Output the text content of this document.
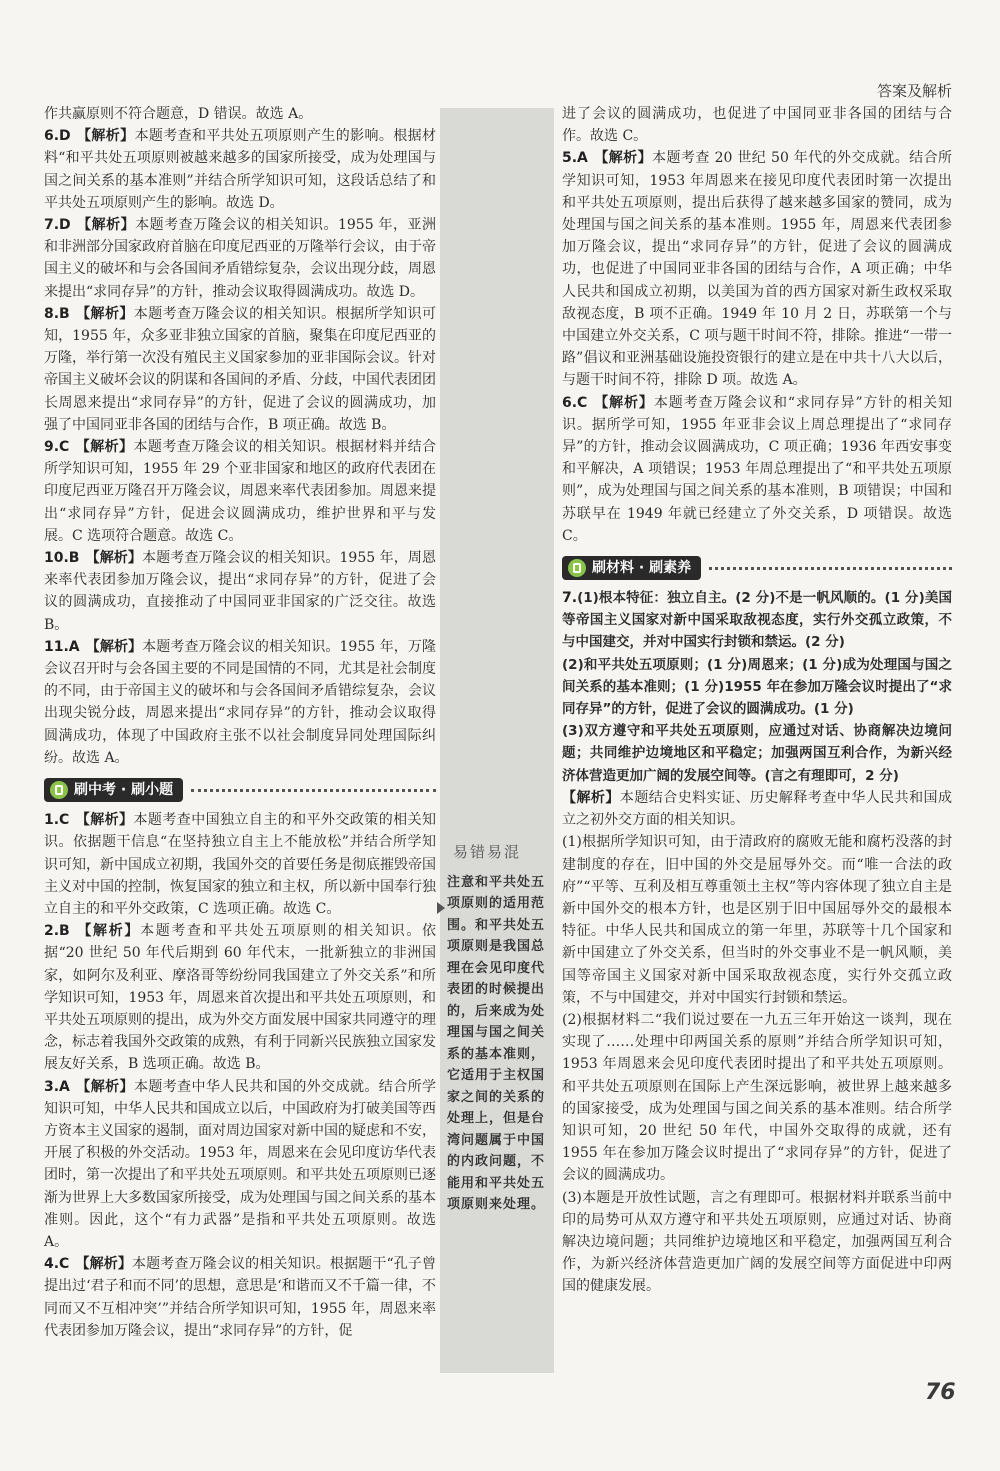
答案及解析
易错易混
注意和平共处五项原则的适用范围。和平共处五项原则是我国总理在会见印度代表团的时候提出的，后来成为处理国与国之间关系的基本准则，它适用于主权国家之间的关系的处理上，但是台湾问题属于中国的内政问题，不能用和平共处五项原则来处理。

作共赢原则不符合题意，D 错误。故选 A。

6.D 【解析】本题考查和平共处五项原则产生的影响。根据材料“和平共处五项原则被越来越多的国家所接受，成为处理国与国之间关系的基本准则”并结合所学知识可知，这段话总结了和平共处五项原则产生的影响。故选 D。

7.D 【解析】本题考查万隆会议的相关知识。1955 年，亚洲和非洲部分国家政府首脑在印度尼西亚的万隆举行会议，由于帝国主义的破坏和与会各国间矛盾错综复杂，会议出现分歧，周恩来提出“求同存异”的方针，推动会议取得圆满成功。故选 D。

8.B 【解析】本题考查万隆会议的相关知识。根据所学知识可知，1955 年，众多亚非独立国家的首脑，聚集在印度尼西亚的万隆，举行第一次没有殖民主义国家参加的亚非国际会议。针对帝国主义破坏会议的阴谋和各国间的矛盾、分歧，中国代表团团长周恩来提出“求同存异”的方针，促进了会议的圆满成功，加强了中国同亚非各国的团结与合作，B 项正确。故选 B。

9.C 【解析】本题考查万隆会议的相关知识。根据材料并结合所学知识可知，1955 年 29 个亚非国家和地区的政府代表团在印度尼西亚万隆召开万隆会议，周恩来率代表团参加。周恩来提出“求同存异”方针，促进会议圆满成功，维护世界和平与发展。C 选项符合题意。故选 C。

10.B 【解析】本题考查万隆会议的相关知识。1955 年，周恩来率代表团参加万隆会议，提出“求同存异”的方针，促进了会议的圆满成功，直接推动了中国同亚非国家的广泛交往。故选 B。

11.A 【解析】本题考查万隆会议的相关知识。1955 年，万隆会议召开时与会各国主要的不同是国情的不同，尤其是社会制度的不同，由于帝国主义的破坏和与会各国间矛盾错综复杂，会议出现尖锐分歧，周恩来提出“求同存异”的方针，推动会议取得圆满成功，体现了中国政府主张不以社会制度异同处理国际纠纷。故选 A。

刷中考 · 刷小题

1.C 【解析】本题考查中国独立自主的和平外交政策的相关知识。依据题干信息“在坚持独立自主上不能放松”并结合所学知识可知，新中国成立初期，我国外交的首要任务是彻底摧毁帝国主义对中国的控制，恢复国家的独立和主权，所以新中国奉行独立自主的和平外交政策，C 选项正确。故选 C。

2.B 【解析】本题考查和平共处五项原则的相关知识。依据“20 世纪 50 年代后期到 60 年代末，一批新独立的非洲国家，如阿尔及利亚、摩洛哥等纷纷同我国建立了外交关系”和所学知识可知，1953 年，周恩来首次提出和平共处五项原则，和平共处五项原则的提出，成为外交方面发展中国家共同遵守的理念，标志着我国外交政策的成熟，有利于同新兴民族独立国家发展友好关系，B 选项正确。故选 B。

3.A 【解析】本题考查中华人民共和国的外交成就。结合所学知识可知，中华人民共和国成立以后，中国政府为打破美国等西方资本主义国家的遏制，面对周边国家对新中国的疑虑和不安，开展了积极的外交活动。1953 年，周恩来在会见印度访华代表团时，第一次提出了和平共处五项原则。和平共处五项原则已逐渐为世界上大多数国家所接受，成为处理国与国之间关系的基本准则。因此，这个“有力武器”是指和平共处五项原则。故选 A。

4.C 【解析】本题考查万隆会议的相关知识。根据题干“孔子曾提出过‘君子和而不同’的思想，意思是‘和谐而又不千篇一律，不同而又不互相冲突’”并结合所学知识可知，1955 年，周恩来率代表团参加万隆会议，提出“求同存异”的方针，促

进了会议的圆满成功，也促进了中国同亚非各国的团结与合作。故选 C。

5.A 【解析】本题考查 20 世纪 50 年代的外交成就。结合所学知识可知，1953 年周恩来在接见印度代表团时第一次提出和平共处五项原则，提出后获得了越来越多国家的赞同，成为处理国与国之间关系的基本准则。1955 年，周恩来代表团参加万隆会议，提出“求同存异”的方针，促进了会议的圆满成功，也促进了中国同亚非各国的团结与合作，A 项正确；中华人民共和国成立初期，以美国为首的西方国家对新生政权采取敌视态度，B 项不正确。1949 年 10 月 2 日，苏联第一个与中国建立外交关系，C 项与题干时间不符，排除。推进“一带一路”倡议和亚洲基础设施投资银行的建立是在中共十八大以后，与题干时间不符，排除 D 项。故选 A。

6.C 【解析】本题考查万隆会议和“求同存异”方针的相关知识。据所学可知，1955 年亚非会议上周总理提出了“求同存异”的方针，推动会议圆满成功，C 项正确；1936 年西安事变和平解决，A 项错误；1953 年周总理提出了“和平共处五项原则”，成为处理国与国之间关系的基本准则，B 项错误；中国和苏联早在 1949 年就已经建立了外交关系，D 项错误。故选 C。

刷材料 · 刷素养

7.(1)根本特征：独立自主。(2 分)不是一帆风顺的。(1 分)美国等帝国主义国家对新中国采取敌视态度，实行外交孤立政策，不与中国建交，并对中国实行封锁和禁运。(2 分)

(2)和平共处五项原则；(1 分)周恩来；(1 分)成为处理国与国之间关系的基本准则；(1 分)1955 年在参加万隆会议时提出了“求同存异”的方针，促进了会议的圆满成功。(1 分)

(3)双方遵守和平共处五项原则，应通过对话、协商解决边境问题；共同维护边境地区和平稳定；加强两国互利合作，为新兴经济体营造更加广阔的发展空间等。(言之有理即可，2 分)

【解析】本题结合史料实证、历史解释考查中华人民共和国成立之初外交方面的相关知识。

(1)根据所学知识可知，由于清政府的腐败无能和腐朽没落的封建制度的存在，旧中国的外交是屈辱外交。而“唯一合法的政府”“平等、互利及相互尊重领土主权”等内容体现了独立自主是新中国外交的根本方针，也是区别于旧中国屈辱外交的最根本特征。中华人民共和国成立的第一年里，苏联等十几个国家和新中国建立了外交关系，但当时的外交事业不是一帆风顺，美国等帝国主义国家对新中国采取敌视态度，实行外交孤立政策，不与中国建交，并对中国实行封锁和禁运。

(2)根据材料二“我们说过要在一九五三年开始这一谈判，现在实现了……处理中印两国关系的原则”并结合所学知识可知，1953 年周恩来会见印度代表团时提出了和平共处五项原则。和平共处五项原则在国际上产生深远影响，被世界上越来越多的国家接受，成为处理国与国之间关系的基本准则。结合所学知识可知，20 世纪 50 年代，中国外交取得的成就，还有 1955 年在参加万隆会议时提出了“求同存异”的方针，促进了会议的圆满成功。

(3)本题是开放性试题，言之有理即可。根据材料并联系当前中印的局势可从双方遵守和平共处五项原则，应通过对话、协商解决边境问题；共同维护边境地区和平稳定，加强两国互利合作，为新兴经济体营造更加广阔的发展空间等方面促进中印两国的健康发展。

76
